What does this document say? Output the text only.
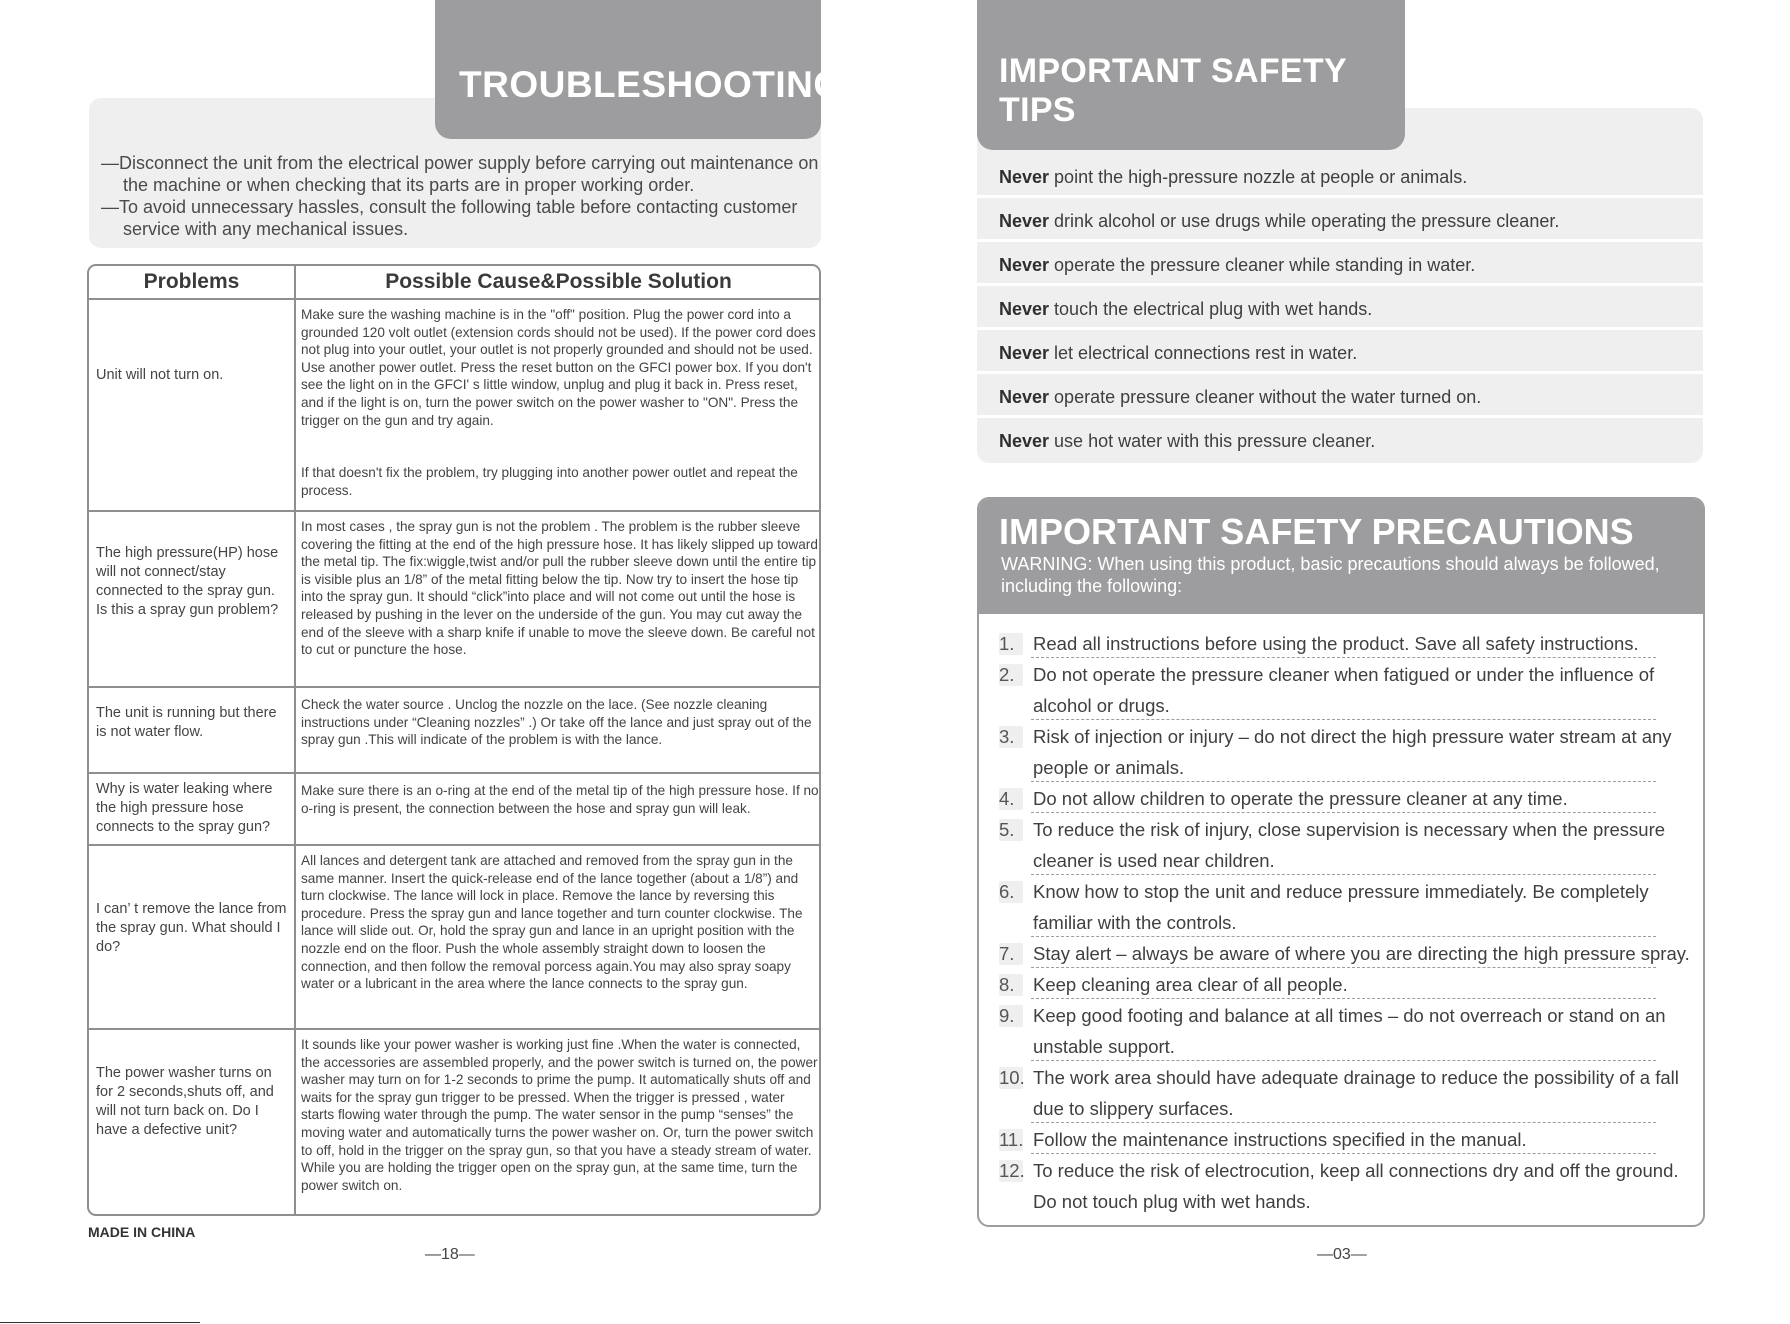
—Disconnect the unit from the electrical power supply before carrying out maintenance on the machine or when checking that its parts are in proper working order.
—To avoid unnecessary hassles, consult the following table before contacting customer service with any mechanical issues.
TROUBLESHOOTING
Problems	Possible Cause&Possible Solution
Unit will not turn on.
Make sure the washing machine is in the "off" position. Plug the power cord into a grounded 120 volt outlet (extension cords should not be used). If the power cord does not plug into your outlet, your outlet is not properly grounded and should not be used. Use another power outlet. Press the reset button on the GFCI power box. If you don't see the light on in the GFCI' s little window, unplug and plug it back in. Press reset, and if the light is on, turn the power switch on the power washer to "ON". Press the trigger on the gun and try again.
If that doesn't fix the problem, try plugging into another power outlet and repeat the process.
The high pressure(HP) hose will not connect/stay connected to the spray gun. Is this a spray gun problem?
In most cases , the spray gun is not the problem . The problem is the rubber sleeve covering the fitting at the end of the high pressure hose. It has likely slipped up toward the metal tip. The fix:wiggle,twist and/or pull the rubber sleeve down until the entire tip is visible plus an 1/8” of the metal fitting below the tip. Now try to insert the hose tip into the spray gun. It should “click”into place and will not come out until the hose is released by pushing in the lever on the underside of the gun. You may cut away the end of the sleeve with a sharp knife if unable to move the sleeve down. Be careful not to cut or puncture the hose.
The unit is running but there is not water flow.
Check the water source . Unclog the nozzle on the lace. (See nozzle cleaning instructions under “Cleaning nozzles” .) Or take off the lance and just spray out of the spray gun .This will indicate of the problem is with the lance.
Why is water leaking where the high pressure hose connects to the spray gun?
Make sure there is an o-ring at the end of the metal tip of the high pressure hose. If no o-ring is present, the connection between the hose and spray gun will leak.
I can’ t remove the lance from the spray gun. What should I do?
All lances and detergent tank are attached and removed from the spray gun in the same manner. Insert the quick-release end of the lance together (about a 1/8”) and turn clockwise. The lance will lock in place. Remove the lance by reversing this procedure. Press the spray gun and lance together and turn counter clockwise. The lance will slide out. Or, hold the spray gun and lance in an upright position with the nozzle end on the floor. Push the whole assembly straight down to loosen the connection, and then follow the removal porcess again.You may also spray soapy water or a lubricant in the area where the lance connects to the spray gun.
The power washer turns on for 2 seconds,shuts off, and will not turn back on. Do I have a defective unit?
It sounds like your power washer is working just fine .When the water is connected, the accessories are assembled properly, and the power switch is turned on, the power washer may turn on for 1-2 seconds to prime the pump. It automatically shuts off and waits for the spray gun trigger to be pressed. When the trigger is pressed , water starts flowing water through the pump. The water sensor in the pump “senses” the moving water and automatically turns the power washer on. Or, turn the power switch to off, hold in the trigger on the spray gun, so that you have a steady stream of water. While you are holding the trigger open on the spray gun, at the same time, turn the power switch on.
MADE IN CHINA
—18—
Never point the high-pressure nozzle at people or animals.
Never drink alcohol or use drugs while operating the pressure cleaner.
Never operate the pressure cleaner while standing in water.
Never touch the electrical plug with wet hands.
Never let electrical connections rest in water.
Never operate pressure cleaner without the water turned on.
Never use hot water with this pressure cleaner.
IMPORTANT SAFETY TIPS
IMPORTANT SAFETY PRECAUTIONS
WARNING: When using this product, basic precautions should always be followed, including the following:
1.	Read all instructions before using the product. Save all safety instructions.
2.	Do not operate the pressure cleaner when fatigued or under the influence of alcohol or drugs.
3.	Risk of injection or injury – do not direct the high pressure water stream at any people or animals.
4.	Do not allow children to operate the pressure cleaner at any time.
5.	To reduce the risk of injury, close supervision is necessary when the pressure cleaner is used near children.
6.	Know how to stop the unit and reduce pressure immediately. Be completely familiar with the controls.
7.	Stay alert – always be aware of where you are directing the high pressure spray.
8.	Keep cleaning area clear of all people.
9.	Keep good footing and balance at all times – do not overreach or stand on an unstable support.
10. The work area should have adequate drainage to reduce the possibility of a fall due to slippery surfaces.
11. Follow the maintenance instructions specified in the manual.
12. To reduce the risk of electrocution, keep all connections dry and off the ground. Do not touch plug with wet hands.
—03—
